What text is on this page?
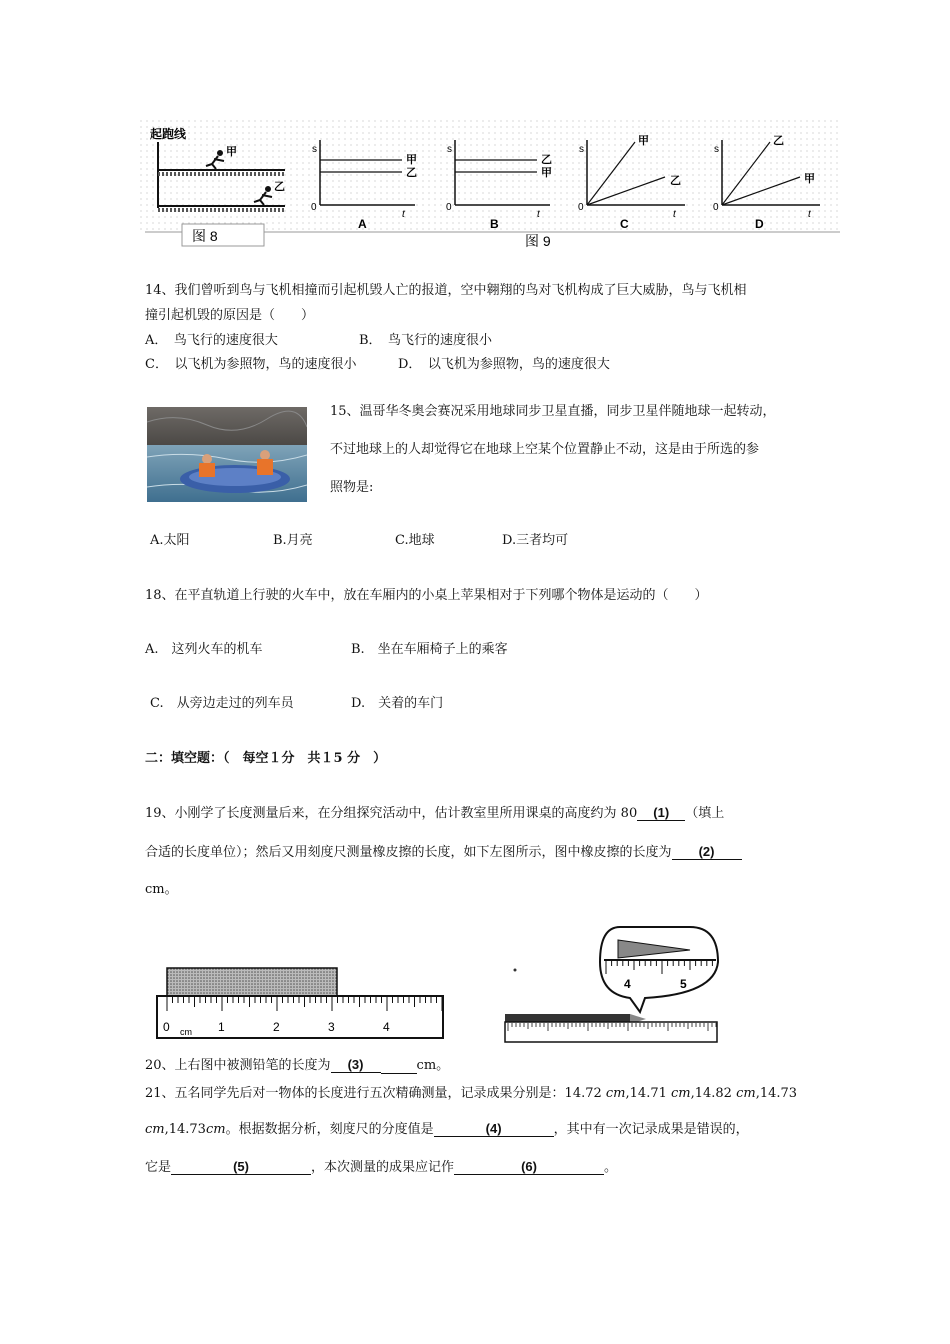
起跑线
甲
乙
s
0
t
甲
乙
A
s
0
t
乙
甲
B
s
0
t
甲
乙
C
s
0
t
乙
甲
D
图 8	图 9
14、我们曾听到鸟与飞机相撞而引起机毁人亡的报道，空中翱翔的鸟对飞机构成了巨大威胁，鸟与飞机相
撞引起机毁的原因是（　　）
A．　鸟飞行的速度很大	B．　鸟飞行的速度很小
C．　以飞机为参照物，鸟的速度很小	D．　以飞机为参照物，鸟的速度很大
15、温哥华冬奥会赛况采用地球同步卫星直播，同步卫星伴随地球一起转动，
不过地球上的人却觉得它在地球上空某个位置静止不动，这是由于所选的参
照物是:
A.太阳	B.月亮	C.地球	D.三者均可
18、在平直轨道上行驶的火车中，放在车厢内的小桌上苹果相对于下列哪个物体是运动的（　　）
A.　这列火车的机车	B.　坐在车厢椅子上的乘客
C.　从旁边走过的列车员	D.　关着的车门
二：填空题：（　每空１分　共１5 分　）
19、小刚学了长度测量后来，在分组探究活动中，估计教室里所用课桌的高度约为 80 (1) （填上
合适的长度单位）；然后又用刻度尺测量橡皮擦的长度，如下左图所示，图中橡皮擦的长度为 (2)
cm。
0 cm 1	2	3	4
4	5
20、上右图中被测铅笔的长度为 (3)	cm。
21、五名同学先后对一物体的长度进行五次精确测量，记录成果分别是：14.72 cm,14.71 cm,14.82 cm,14.73
cm,14.73cm。根据数据分析，刻度尺的分度值是	(4)	，其中有一次记录成果是错误的，
它是	(5)	，本次测量的成果应记作	(6)	。
